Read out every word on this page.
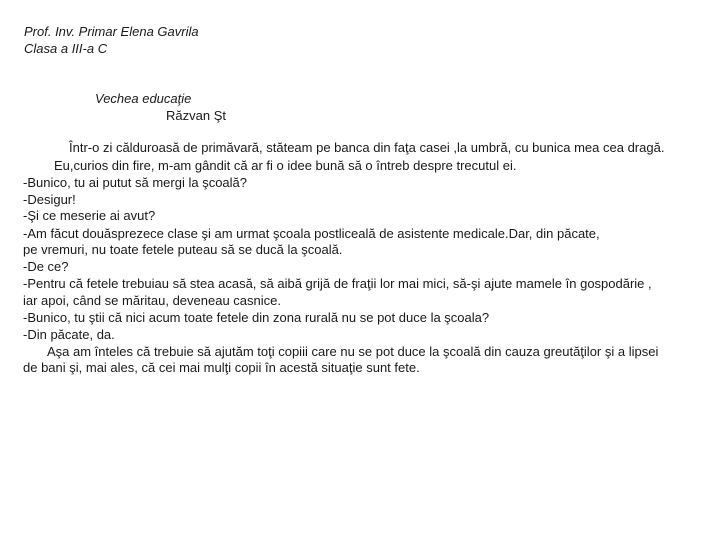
Prof. Inv. Primar Elena Gavrila
Clasa a III-a C
Vechea educaţie
Răzvan Şt
Într-o zi călduroasă de primăvară, stăteam pe banca din faţa casei ,la umbră, cu bunica mea cea dragă.
Eu,curios din fire, m-am gândit că ar fi o idee bună să o întreb despre trecutul ei.
-Bunico, tu ai putut să mergi la şcoală?
-Desigur!
-Şi ce meserie ai avut?
-Am făcut douăsprezece clase şi am urmat şcoala postliceală de asistente medicale.Dar, din păcate,
pe vremuri, nu toate fetele puteau să se ducă la şcoală.
-De ce?
-Pentru că fetele trebuiau să stea acasă, să aibă grijă de fraţii lor mai mici, să-şi ajute mamele în gospodărie ,
iar apoi, când se măritau, deveneau casnice.
-Bunico, tu ştii că nici acum toate fetele din zona rurală nu se pot duce la şcoala?
-Din păcate, da.
Aşa am înteles că trebuie să ajutăm toţi copiii care nu se pot duce la şcoală din cauza greutăţilor şi a lipsei
de bani şi, mai ales, că cei mai mulţi copii în acestă situaţie sunt fete.
